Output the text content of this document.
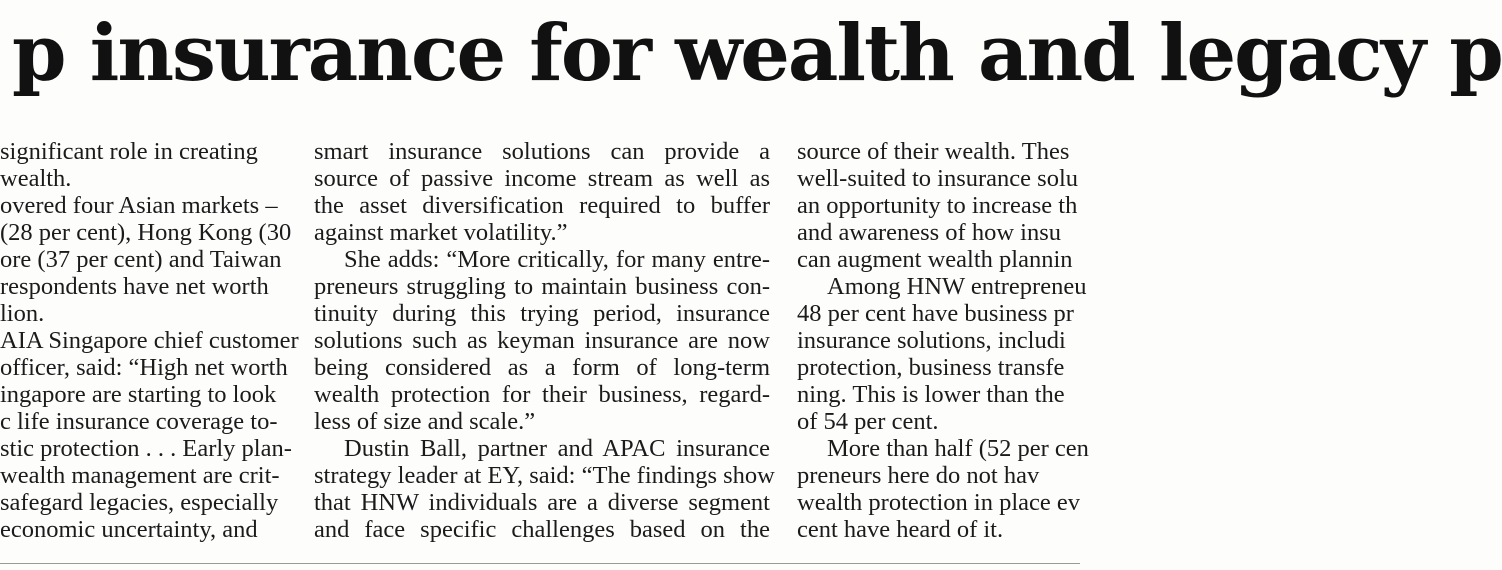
p insurance for wealth and legacy p
significant role in creating
wealth.
overed four Asian markets –
(28 per cent), Hong Kong (30
ore (37 per cent) and Taiwan
respondents have net worth
lion.
AIA Singapore chief customer
officer, said: “High net worth
ingapore are starting to look
c life insurance coverage to-
stic protection . . . Early plan-
wealth management are crit-
safegard legacies, especially
economic uncertainty, and
smart insurance solutions can provide a
source of passive income stream as well as
the asset diversification required to buffer
against market volatility.”
She adds: “More critically, for many entre-
preneurs struggling to maintain business con-
tinuity during this trying period, insurance
solutions such as keyman insurance are now
being considered as a form of long-term
wealth protection for their business, regard-
less of size and scale.”
Dustin Ball, partner and APAC insurance
strategy leader at EY, said: “The findings show
that HNW individuals are a diverse segment
and face specific challenges based on the
source of their wealth. Thes
well-suited to insurance solu
an opportunity to increase th
and awareness of how insu
can augment wealth plannin
Among HNW entrepreneu
48 per cent have business pr
insurance solutions, includi
protection, business transfe
ning. This is lower than the
of 54 per cent.
More than half (52 per cen
preneurs here do not hav
wealth protection in place ev
cent have heard of it.
